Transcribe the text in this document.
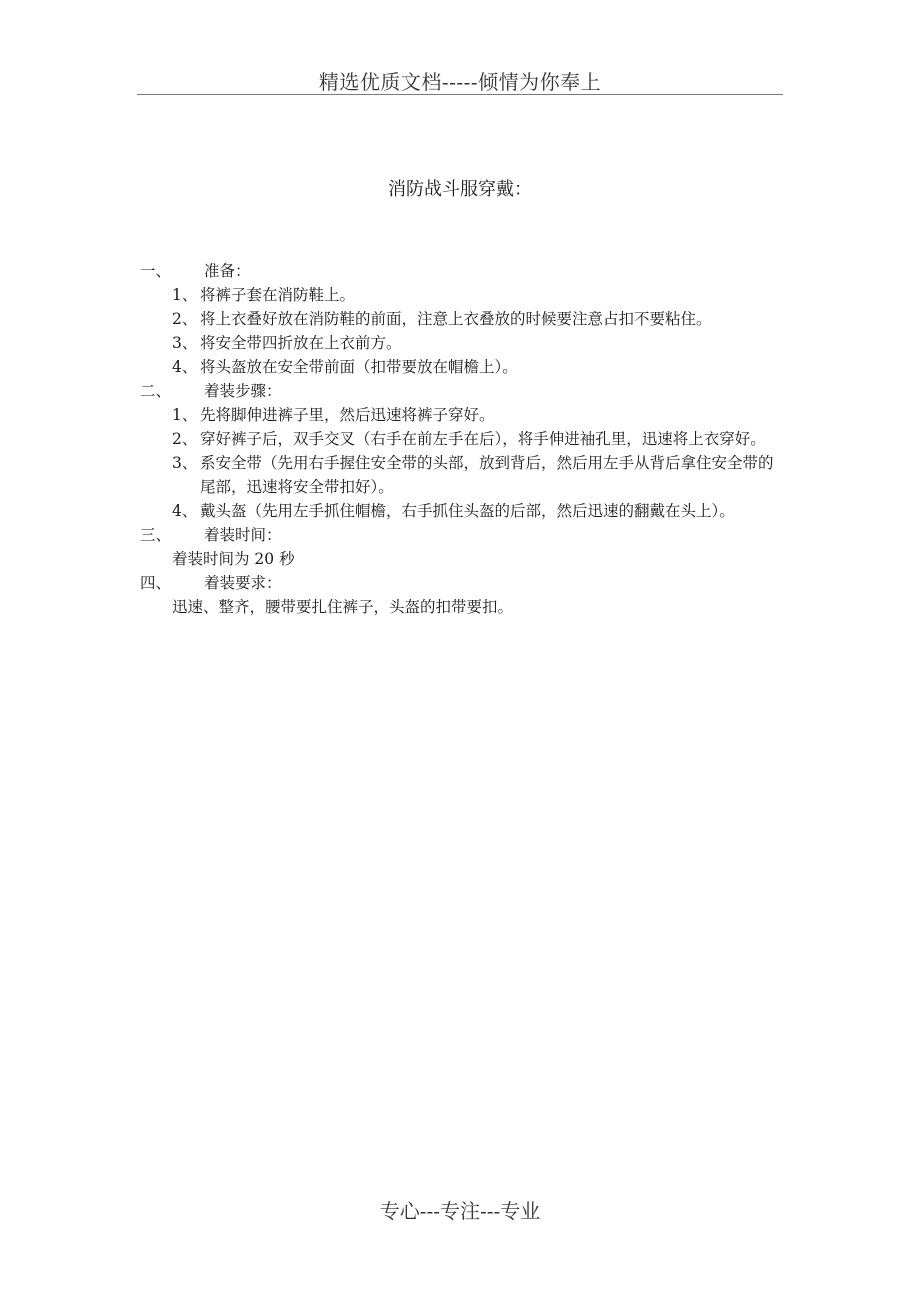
精选优质文档-----倾情为你奉上
消防战斗服穿戴：
一、	准备：
1、 将裤子套在消防鞋上。
2、 将上衣叠好放在消防鞋的前面，注意上衣叠放的时候要注意占扣不要粘住。
3、 将安全带四折放在上衣前方。
4、 将头盔放在安全带前面（扣带要放在帽檐上）。
二、	着装步骤：
1、 先将脚伸进裤子里，然后迅速将裤子穿好。
2、 穿好裤子后，双手交叉（右手在前左手在后），将手伸进袖孔里，迅速将上衣穿好。
3、 系安全带（先用右手握住安全带的头部，放到背后，然后用左手从背后拿住安全带的尾部，迅速将安全带扣好）。
4、 戴头盔（先用左手抓住帽檐，右手抓住头盔的后部，然后迅速的翻戴在头上）。
三、	着装时间：
着装时间为 20 秒
四、	着装要求：
迅速、整齐，腰带要扎住裤子，头盔的扣带要扣。
专心---专注---专业
